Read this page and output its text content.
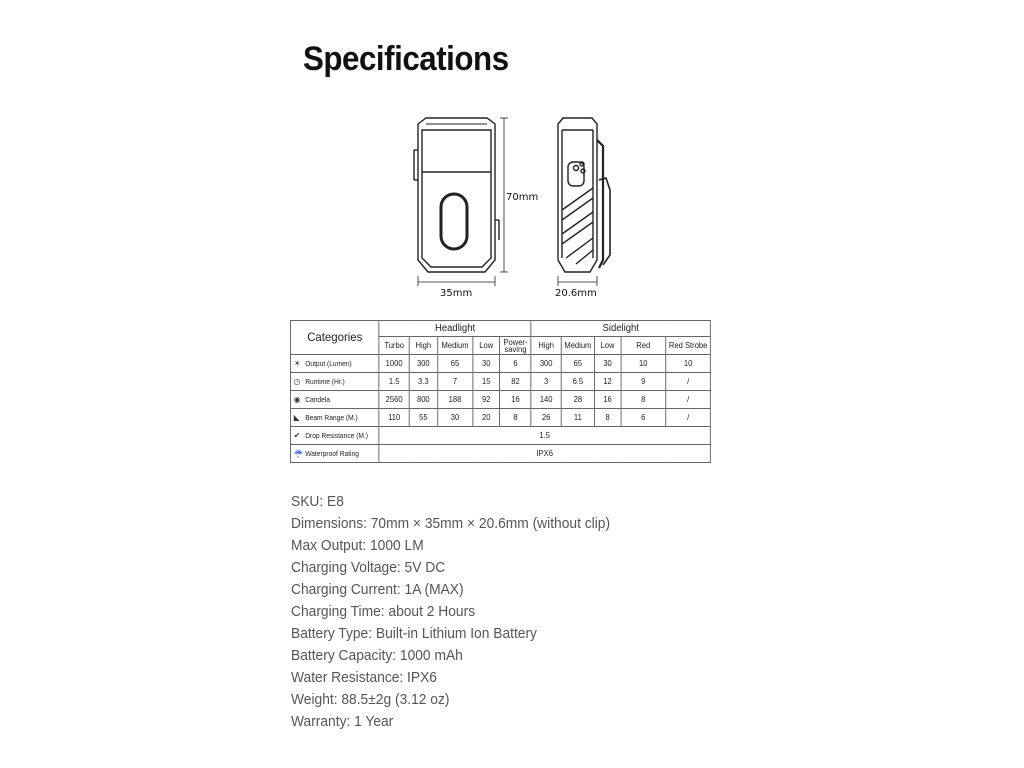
Specifications
70mm
35mm	20.6mm
Categories	Headlight					Sidelight				
	Turbo	High	Medium	Low	Power-saving	High	Medium	Low	Red	Red Strobe
☀ Output (Lumen)	1000	300	65	30	6	300	65	30	10	10
◷ Runtime (Hr.)	1.5	3.3	7	15	82	3	6.5	12	9	/
◉ Candela	2560	800	188	92	16	140	28	16	8	/
◣ Beam Range (M.)	110	55	30	20	8	26	11	8	6	/
✔ Drop Resistance (M.)	1.5									
☔ Waterproof Rating	IPX6									
SKU: E8
Dimensions: 70mm × 35mm × 20.6mm (without clip)
Max Output: 1000 LM
Charging Voltage: 5V DC
Charging Current: 1A (MAX)
Charging Time: about 2 Hours
Battery Type: Built-in Lithium Ion Battery
Battery Capacity: 1000 mAh
Water Resistance: IPX6
Weight: 88.5±2g (3.12 oz)
Warranty: 1 Year
